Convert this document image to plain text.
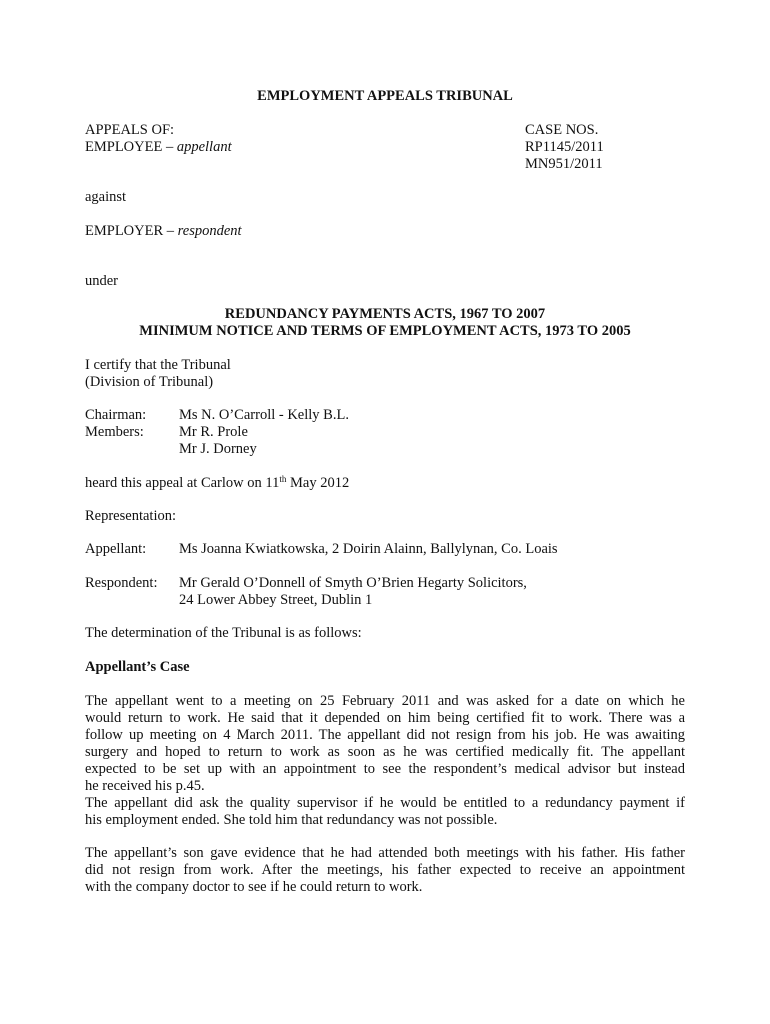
EMPLOYMENT APPEALS TRIBUNAL
APPEALS OF:
EMPLOYEE – appellant
CASE NOS.
RP1145/2011
MN951/2011
against
EMPLOYER – respondent
under
REDUNDANCY PAYMENTS ACTS, 1967 TO 2007
MINIMUM NOTICE AND TERMS OF EMPLOYMENT ACTS, 1973 TO 2005
I certify that the Tribunal
(Division of Tribunal)
Chairman: Ms N. O’Carroll - Kelly B.L.
Members: Mr R. Prole
Mr J. Dorney
heard this appeal at Carlow on 11th May 2012
Representation:
Appellant: Ms Joanna Kwiatkowska, 2 Doirin Alainn, Ballylynan, Co. Loais
Respondent: Mr Gerald O’Donnell of Smyth O’Brien Hegarty Solicitors,
24 Lower Abbey Street, Dublin 1
The determination of the Tribunal is as follows:
Appellant’s Case
The appellant went to a meeting on 25 February 2011 and was asked for a date on which he
would return to work. He said that it depended on him being certified fit to work. There was a
follow up meeting on 4 March 2011. The appellant did not resign from his job. He was awaiting
surgery and hoped to return to work as soon as he was certified medically fit. The appellant
expected to be set up with an appointment to see the respondent’s medical advisor but instead
he received his p.45.
The appellant did ask the quality supervisor if he would be entitled to a redundancy payment if
his employment ended. She told him that redundancy was not possible.
The appellant’s son gave evidence that he had attended both meetings with his father. His father
did not resign from work. After the meetings, his father expected to receive an appointment
with the company doctor to see if he could return to work.
